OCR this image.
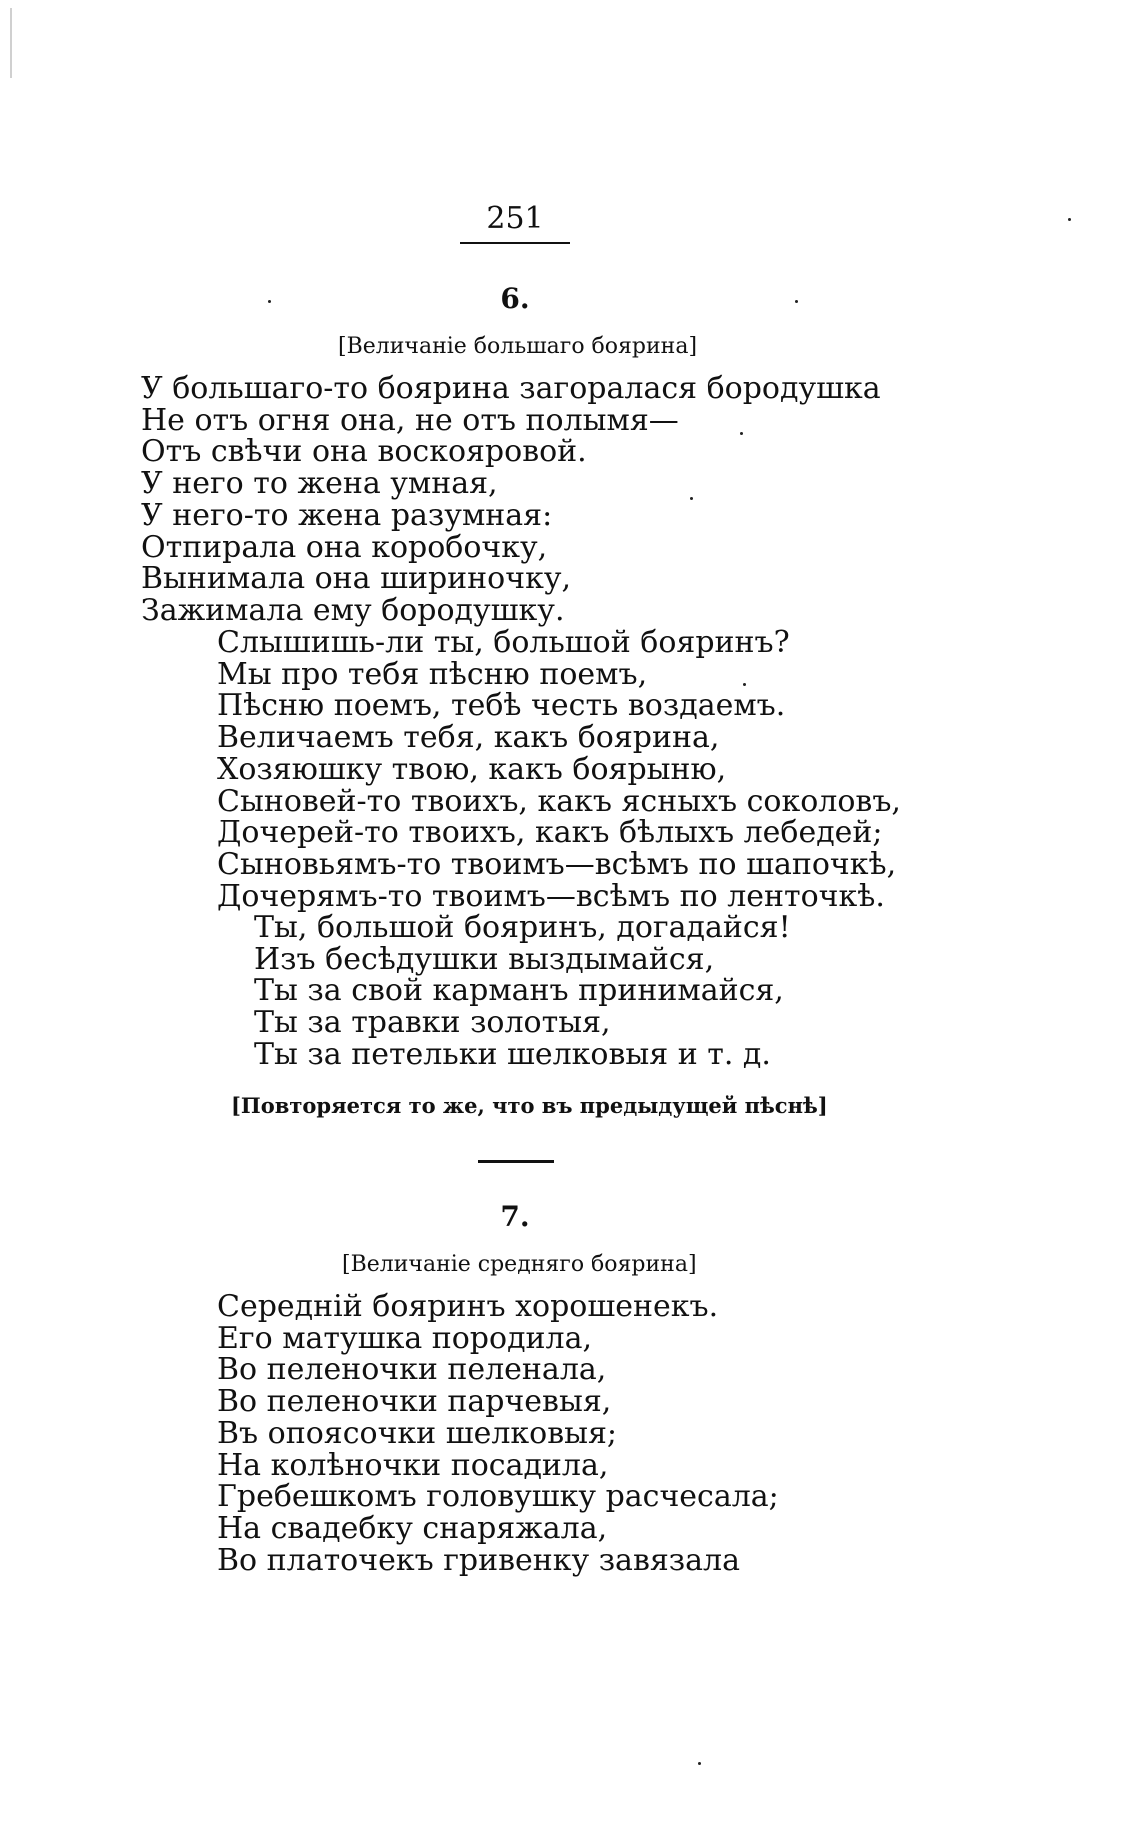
251
6.
[Величаніе большаго боярина]
У большаго-то боярина загоралася бородушка
Не отъ огня она, не отъ полымя—
Отъ свѣчи она воскояровой.
У него то жена умная,
У него-то жена разумная:
Отпирала она коробочку,
Вынимала она шириночку,
Зажимала ему бородушку.
Слышишь-ли ты, большой бояринъ?
Мы про тебя пѣсню поемъ,
Пѣсню поемъ, тебѣ честь воздаемъ.
Величаемъ тебя, какъ боярина,
Хозяюшку твою, какъ боярыню,
Сыновей-то твоихъ, какъ ясныхъ соколовъ,
Дочерей-то твоихъ, какъ бѣлыхъ лебедей;
Сыновьямъ-то твоимъ—всѣмъ по шапочкѣ,
Дочерямъ-то твоимъ—всѣмъ по ленточкѣ.
Ты, большой бояринъ, догадайся!
Изъ бесѣдушки выздымайся,
Ты за свой карманъ принимайся,
Ты за травки золотыя,
Ты за петельки шелковыя и т. д.
[Повторяется то же, что въ предыдущей пѣснѣ]
7.
[Величаніе средняго боярина]
Середній бояринъ хорошенекъ.
Его матушка породила,
Во пеленочки пеленала,
Во пеленочки парчевыя,
Въ опоясочки шелковыя;
На колѣночки посадила,
Гребешкомъ головушку расчесала;
На свадебку снаряжала,
Во платочекъ гривенку завязала
